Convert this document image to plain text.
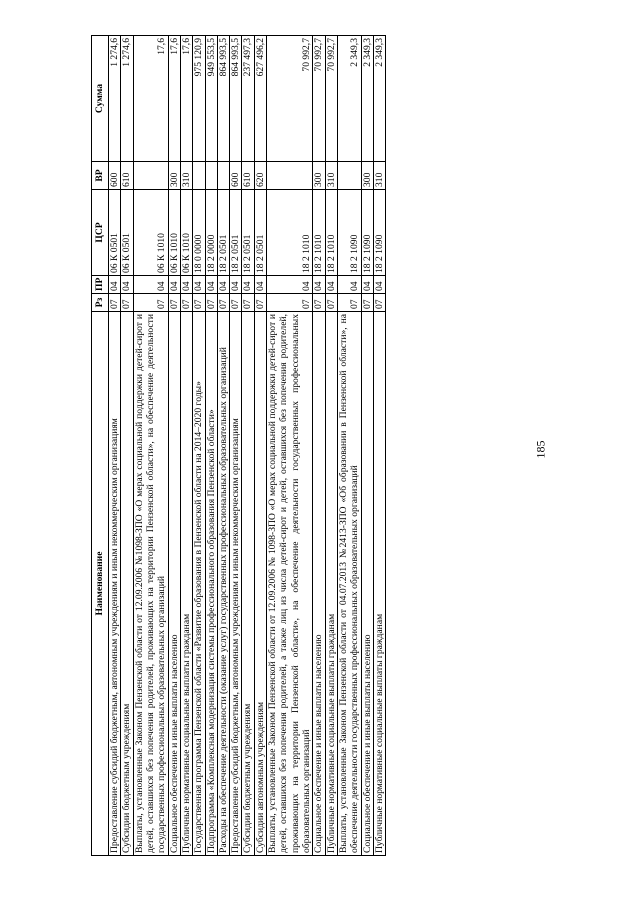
185
Наименование	Рз	ПР	ЦСР	ВР	Сумма
Предоставление субсидий бюджетным, автономным учреждениям и иным некоммерческим организациям	07	04	06 К 0501	600	1 274,6
Субсидии бюджетным учреждениям	07	04	06 К 0501	610	1 274,6
Выплаты, установленные Законом Пензенской области от 12.09.2006 №1098-ЗПО «О мерах социальной поддержки детей-сирот и детей, оставшихся без попечения родителей, проживающих на территории Пензенской области», на обеспечение деятельности государственных профессиональных образовательных организаций	07	04	06 К 1010		17,6
Социальное обеспечение и иные выплаты населению	07	04	06 К 1010	300	17,6
Публичные нормативные социальные выплаты гражданам	07	04	06 К 1010	310	17,6
Государственная программа Пензенской области «Развитие образования в Пензенской области на 2014–2020 годы»	07	04	18 0 0000		975 120,9
Подпрограмма «Комплексная модернизация системы профессионального образования Пензенской области»	07	04	18 2 0000		949 553,5
Расходы на обеспечение деятельности (оказание услуг) государственных профессиональных образовательных организаций	07	04	18 2 0501		864 993,5
Предоставление субсидий бюджетным, автономным учреждениям и иным некоммерческим организациям	07	04	18 2 0501	600	864 993,5
Субсидии бюджетным учреждениям	07	04	18 2 0501	610	237 497,3
Субсидии автономным учреждениям	07	04	18 2 0501	620	627 496,2
Выплаты, установленные Законом Пензенской области от 12.09.2006 № 1098-ЗПО «О мерах социальной поддержки детей-сирот и детей, оставшихся без попечения родителей, а также лиц из числа детей-сирот и детей, оставшихся без попечения родителей, проживающих на территории Пензенской области», на обеспечение деятельности государственных профессиональных образовательных организаций	07	04	18 2 1010		70 992,7
Социальное обеспечение и иные выплаты населению	07	04	18 2 1010	300	70 992,7
Публичные нормативные социальные выплаты гражданам	07	04	18 2 1010	310	70 992,7
Выплаты, установленные Законом Пензенской области от 04.07.2013 №2413-ЗПО «Об образовании в Пензенской области», на обеспечение деятельности государственных профессиональных образовательных организаций	07	04	18 2 1090		2 349,3
Социальное обеспечение и иные выплаты населению	07	04	18 2 1090	300	2 349,3
Публичные нормативные социальные выплаты гражданам	07	04	18 2 1090	310	2 349,3
